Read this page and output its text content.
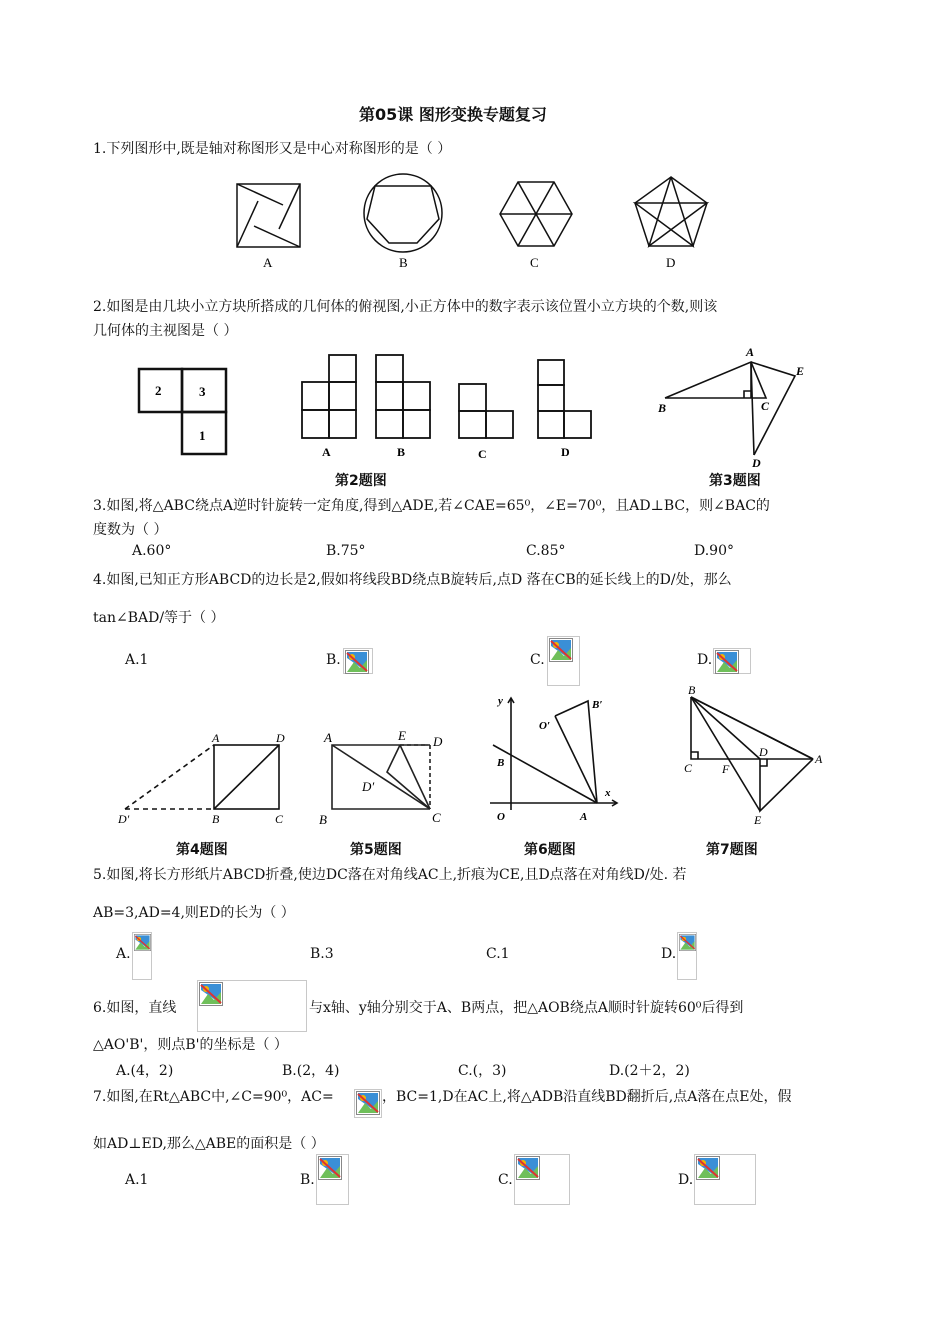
第05课 图形变换专题复习
1.下列图形中,既是轴对称图形又是中心对称图形的是（ ）
A	B	C	D
2.如图是由几块小立方块所搭成的几何体的俯视图,小正方体中的数字表示该位置小立方块的个数,则该
几何体的主视图是（ ）
2	3
1
A	B	C	D
第2题图
A
B	C
D
E
第3题图
3.如图,将△ABC绕点A逆时针旋转一定角度,得到△ADE,若∠CAE=65⁰，∠E=70⁰，且AD⊥BC，则∠BAC的
度数为（ ）
A.60°	B.75°	C.85°	D.90°
4.如图,已知正方形ABCD的边长是2,假如将线段BD绕点B旋转后,点D 落在CB的延长线上的D/处，那么
tan∠BAD/等于（ ）
A.1	B.	C.	D.
A	D
B	C
D′
A	E D
D′
B	C
y
x
O
O′
B′
B
A
B
C F
D	A
E
第4题图	第5题图	第6题图	第7题图
5.如图,将长方形纸片ABCD折叠,使边DC落在对角线AC上,折痕为CE,且D点落在对角线D/处. 若
AB=3,AD=4,则ED的长为（ ）
A.	B.3	C.1	D.
6.如图，直线	与x轴、y轴分别交于A、B两点，把△AOB绕点A顺时针旋转60⁰后得到
△AO'B'，则点B'的坐标是（ ）
A.(4，2)	B.(2，4)	C.(，3)	D.(2＋2，2)
7.如图,在Rt△ABC中,∠C=90⁰，AC=	，BC=1,D在AC上,将△ADB沿直线BD翻折后,点A落在点E处，假
如AD⊥ED,那么△ABE的面积是（ ）
A.1	B.	C.	D.
